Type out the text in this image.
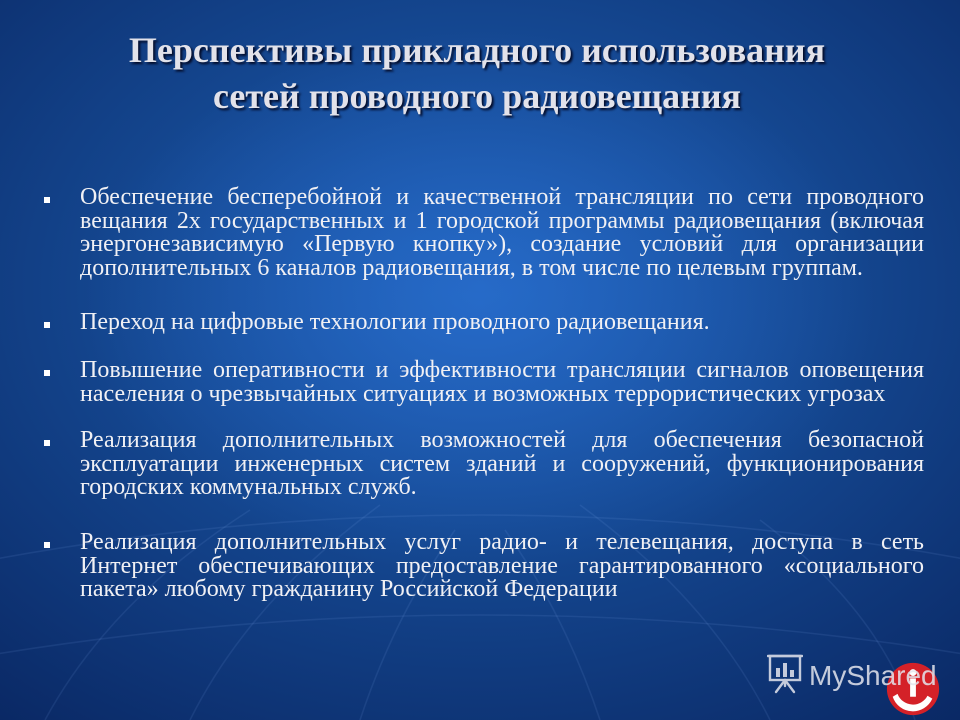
Перспективы прикладного использования
сетей проводного радиовещания
Обеспечение бесперебойной и качественной трансляции по сети проводного
вещания 2х государственных и 1 городской программы радиовещания (включая
энергонезависимую «Первую кнопку»), создание условий для организации
дополнительных 6 каналов радиовещания, в том числе по целевым группам.
Переход на цифровые технологии проводного радиовещания.
Повышение оперативности и эффективности трансляции сигналов оповещения
населения о чрезвычайных ситуациях и возможных террористических угрозах
Реализация дополнительных возможностей для обеспечения безопасной
эксплуатации инженерных систем зданий и сооружений, функционирования
городских коммунальных служб.
Реализация дополнительных услуг радио- и телевещания, доступа в сеть
Интернет обеспечивающих предоставление гарантированного «социального
пакета» любому гражданину Российской Федерации
MyShared
